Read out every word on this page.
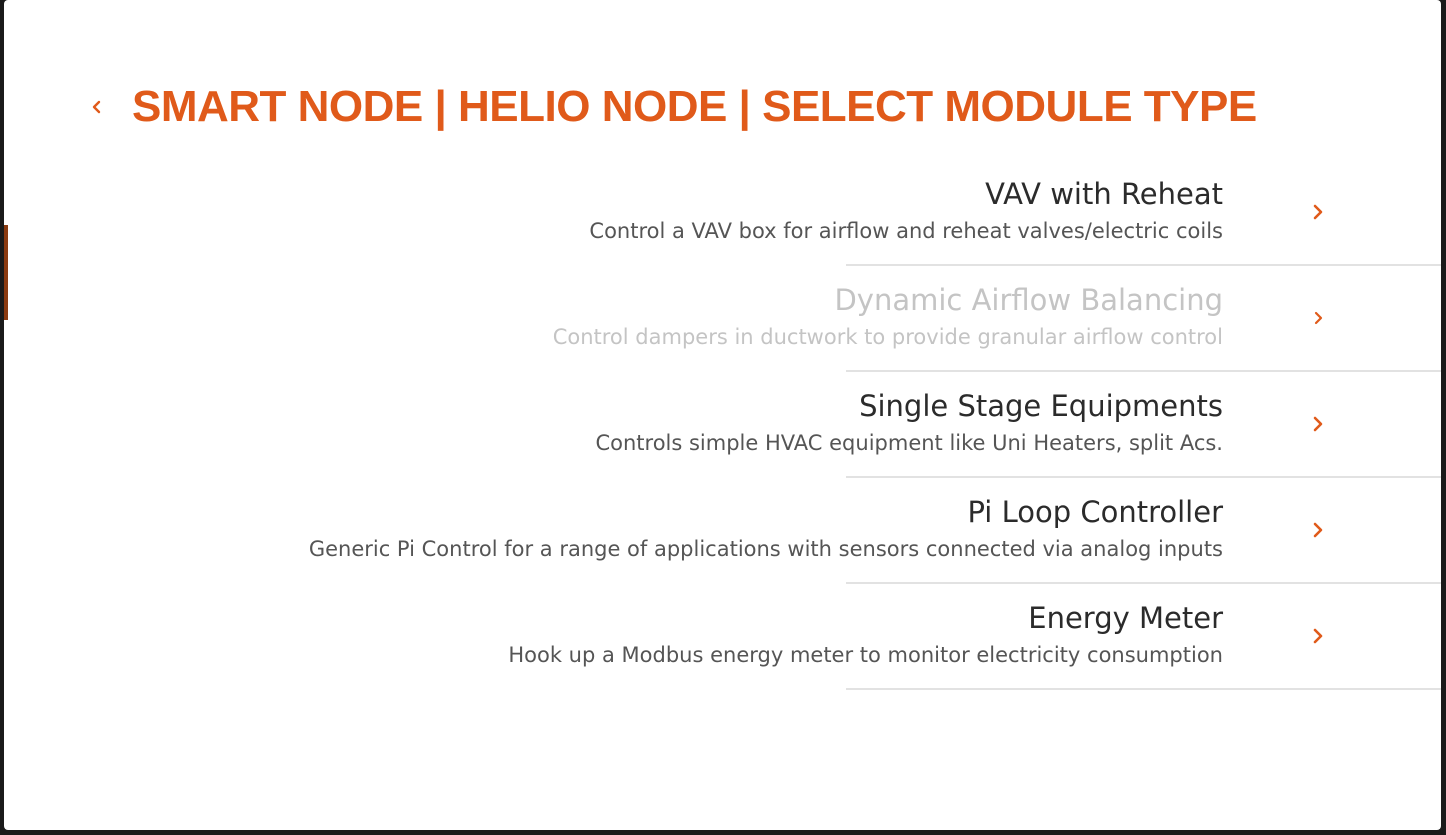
SMART NODE | HELIO NODE | SELECT MODULE TYPE
VAV with Reheat
Control a VAV box for airflow and reheat valves/electric coils
Dynamic Airflow Balancing
Control dampers in ductwork to provide granular airflow control
Single Stage Equipments
Controls simple HVAC equipment like Uni Heaters, split Acs.
Pi Loop Controller
Generic Pi Control for a range of applications with sensors connected via analog inputs
Energy Meter
Hook up a Modbus energy meter to monitor electricity consumption
